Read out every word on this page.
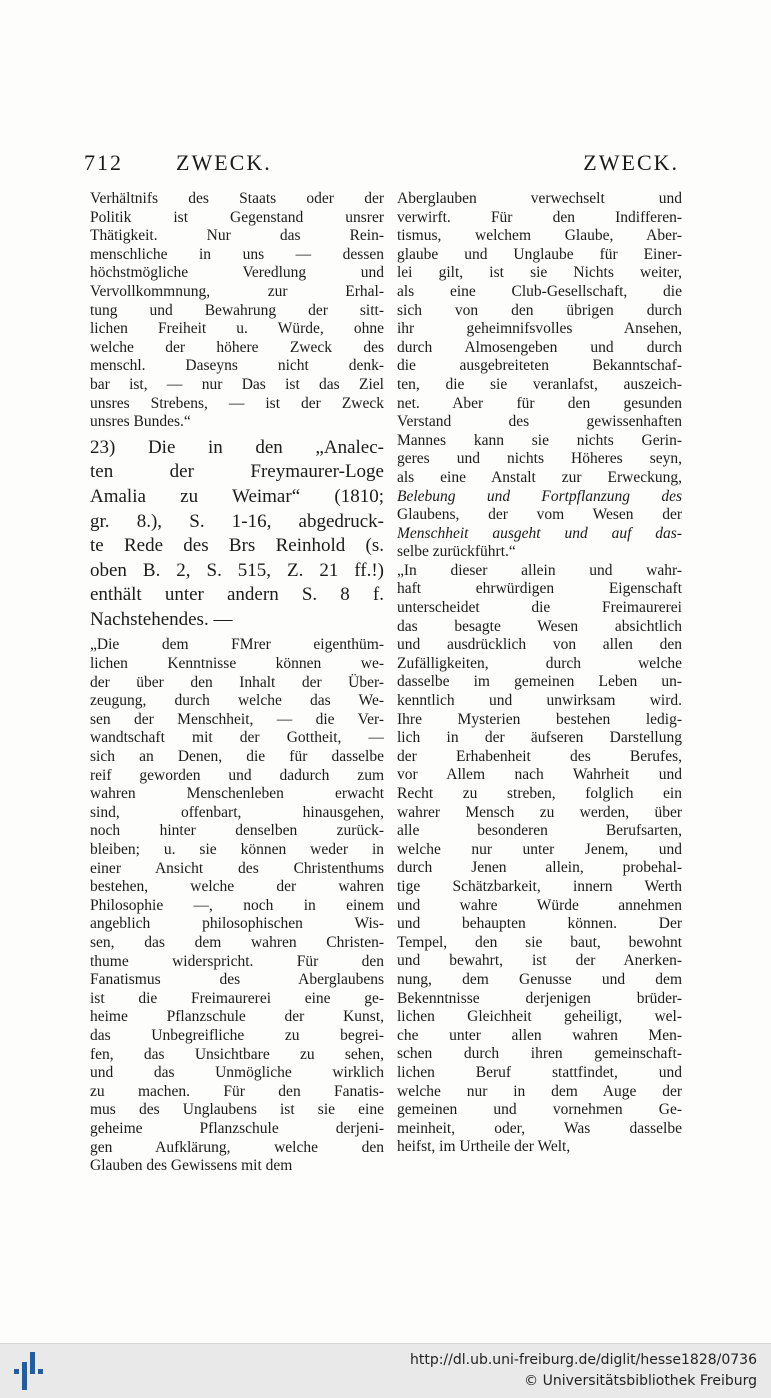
712 ZWECK.	ZWECK.
Verhältnifs des Staats oder der
Politik ist Gegenstand unsrer
Thätigkeit. Nur das Rein-
menschliche in uns — dessen
höchstmögliche Veredlung und
Vervollkommnung, zur Erhal-
tung und Bewahrung der sitt-
lichen Freiheit u. Würde, ohne
welche der höhere Zweck des
menschl. Daseyns nicht denk-
bar ist, — nur Das ist das Ziel
unsres Strebens, — ist der Zweck
unsres Bundes.“
23) Die in den „Analec-
ten der Freymaurer-Loge
Amalia zu Weimar“ (1810;
gr. 8.), S. 1-16, abgedruck-
te Rede des Brs Reinhold (s.
oben B. 2, S. 515, Z. 21 ff.!)
enthält unter andern S. 8 f.
Nachstehendes. —
„Die dem FMrer eigenthüm-
lichen Kenntnisse können we-
der über den Inhalt der Über-
zeugung, durch welche das We-
sen der Menschheit, — die Ver-
wandtschaft mit der Gottheit, —
sich an Denen, die für dasselbe
reif geworden und dadurch zum
wahren Menschenleben erwacht
sind, offenbart, hinausgehen,
noch hinter denselben zurück-
bleiben; u. sie können weder in
einer Ansicht des Christenthums
bestehen, welche der wahren
Philosophie —, noch in einem
angeblich philosophischen Wis-
sen, das dem wahren Christen-
thume widerspricht. Für den
Fanatismus des Aberglaubens
ist die Freimaurerei eine ge-
heime Pflanzschule der Kunst,
das Unbegreifliche zu begrei-
fen, das Unsichtbare zu sehen,
und das Unmögliche wirklich
zu machen. Für den Fanatis-
mus des Unglaubens ist sie eine
geheime Pflanzschule derjeni-
gen Aufklärung, welche den
Glauben des Gewissens mit dem
Aberglauben verwechselt und
verwirft. Für den Indifferen-
tismus, welchem Glaube, Aber-
glaube und Unglaube für Einer-
lei gilt, ist sie Nichts weiter,
als eine Club-Gesellschaft, die
sich von den übrigen durch
ihr geheimnifsvolles Ansehen,
durch Almosengeben und durch
die ausgebreiteten Bekanntschaf-
ten, die sie veranlafst, auszeich-
net. Aber für den gesunden
Verstand des gewissenhaften
Mannes kann sie nichts Gerin-
geres und nichts Höheres seyn,
als eine Anstalt zur Erweckung,
Belebung und Fortpflanzung des
Glaubens, der vom Wesen der
Menschheit ausgeht und auf das-
selbe zurückführt.“
„In dieser allein und wahr-
haft ehrwürdigen Eigenschaft
unterscheidet die Freimaurerei
das besagte Wesen absichtlich
und ausdrücklich von allen den
Zufälligkeiten, durch welche
dasselbe im gemeinen Leben un-
kenntlich und unwirksam wird.
Ihre Mysterien bestehen ledig-
lich in der äufseren Darstellung
der Erhabenheit des Berufes,
vor Allem nach Wahrheit und
Recht zu streben, folglich ein
wahrer Mensch zu werden, über
alle besonderen Berufsarten,
welche nur unter Jenem, und
durch Jenen allein, probehal-
tige Schätzbarkeit, innern Werth
und wahre Würde annehmen
und behaupten können. Der
Tempel, den sie baut, bewohnt
und bewahrt, ist der Anerken-
nung, dem Genusse und dem
Bekenntnisse derjenigen brüder-
lichen Gleichheit geheiligt, wel-
che unter allen wahren Men-
schen durch ihren gemeinschaft-
lichen Beruf stattfindet, und
welche nur in dem Auge der
gemeinen und vornehmen Ge-
meinheit, oder, Was dasselbe
heifst, im Urtheile der Welt,
http://dl.ub.uni-freiburg.de/diglit/hesse1828/0736
© Universitätsbibliothek Freiburg
